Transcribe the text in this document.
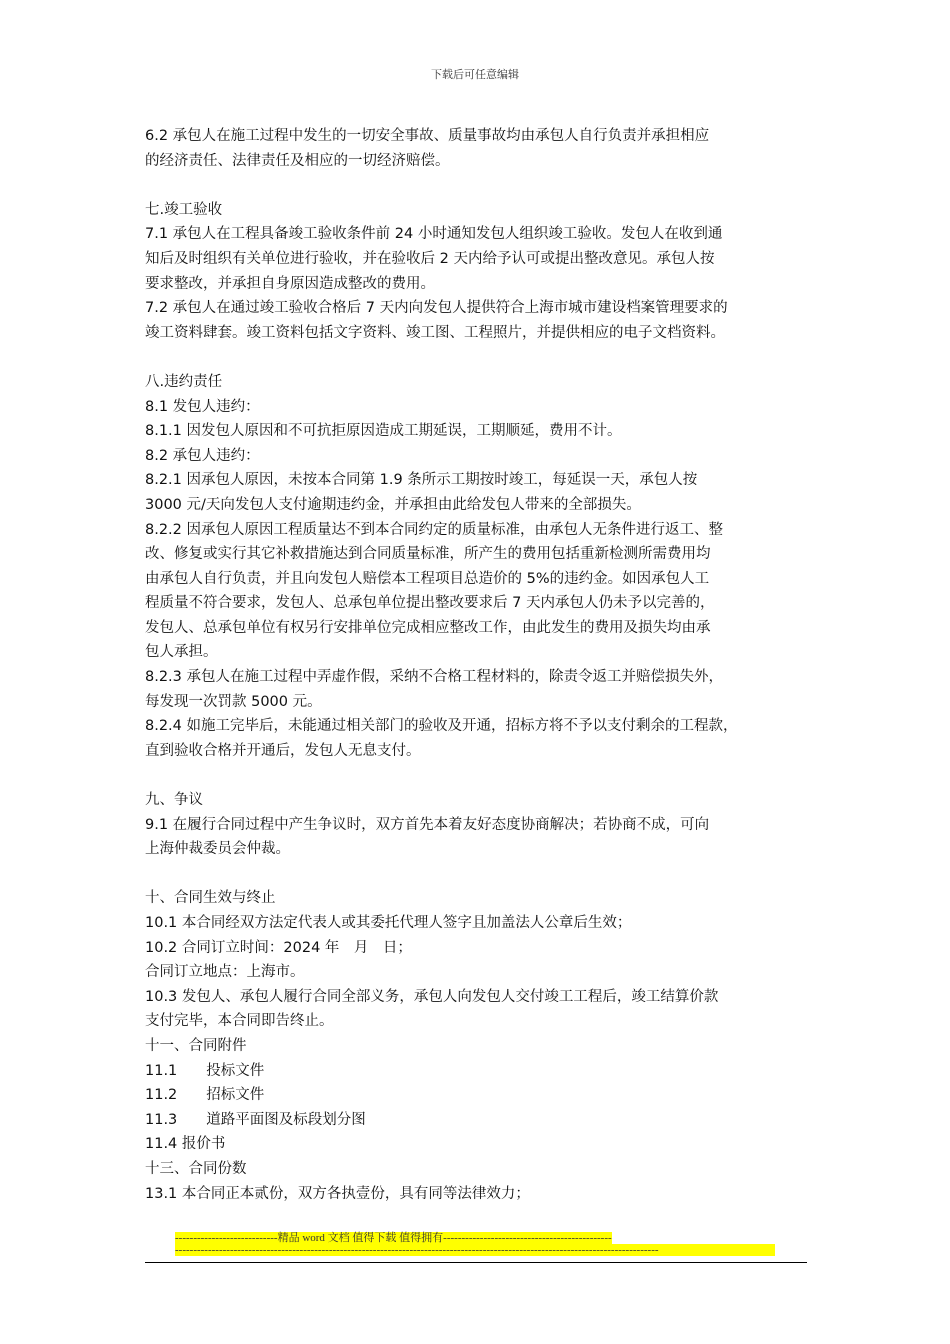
下载后可任意编辑
6.2 承包人在施工过程中发生的一切安全事故、质量事故均由承包人自行负责并承担相应
的经济责任、法律责任及相应的一切经济赔偿。
七.竣工验收
7.1 承包人在工程具备竣工验收条件前 24 小时通知发包人组织竣工验收。发包人在收到通
知后及时组织有关单位进行验收，并在验收后 2 天内给予认可或提出整改意见。承包人按
要求整改，并承担自身原因造成整改的费用。
7.2 承包人在通过竣工验收合格后 7 天内向发包人提供符合上海市城市建设档案管理要求的
竣工资料肆套。竣工资料包括文字资料、竣工图、工程照片，并提供相应的电子文档资料。
八.违约责任
8.1 发包人违约：
8.1.1 因发包人原因和不可抗拒原因造成工期延误，工期顺延，费用不计。
8.2 承包人违约：
8.2.1 因承包人原因，未按本合同第 1.9 条所示工期按时竣工，每延误一天，承包人按
3000 元/天向发包人支付逾期违约金，并承担由此给发包人带来的全部损失。
8.2.2 因承包人原因工程质量达不到本合同约定的质量标准，由承包人无条件进行返工、整
改、修复或实行其它补救措施达到合同质量标准，所产生的费用包括重新检测所需费用均
由承包人自行负责，并且向发包人赔偿本工程项目总造价的 5%的违约金。如因承包人工
程质量不符合要求，发包人、总承包单位提出整改要求后 7 天内承包人仍未予以完善的，
发包人、总承包单位有权另行安排单位完成相应整改工作，由此发生的费用及损失均由承
包人承担。
8.2.3 承包人在施工过程中弄虚作假，采纳不合格工程材料的，除责令返工并赔偿损失外，
每发现一次罚款 5000 元。
8.2.4 如施工完毕后，未能通过相关部门的验收及开通，招标方将不予以支付剩余的工程款，
直到验收合格并开通后，发包人无息支付。
九、争议
9.1 在履行合同过程中产生争议时，双方首先本着友好态度协商解决；若协商不成，可向
上海仲裁委员会仲裁。
十、合同生效与终止
10.1 本合同经双方法定代表人或其委托代理人签字且加盖法人公章后生效；
10.2 合同订立时间：2024 年　月　日；
合同订立地点：上海市。
10.3 发包人、承包人履行合同全部义务，承包人向发包人交付竣工工程后，竣工结算价款
支付完毕，本合同即告终止。
十一、合同附件
11.1　　投标文件
11.2　　招标文件
11.3　　道路平面图及标段划分图
11.4 报价书
十三、合同份数
13.1 本合同正本贰份，双方各执壹份，具有同等法律效力；
----------------------------精品 word 文档 值得下载 值得拥有----------------------------------------------
------------------------------------------------------------------------------------------------------------------------------------
